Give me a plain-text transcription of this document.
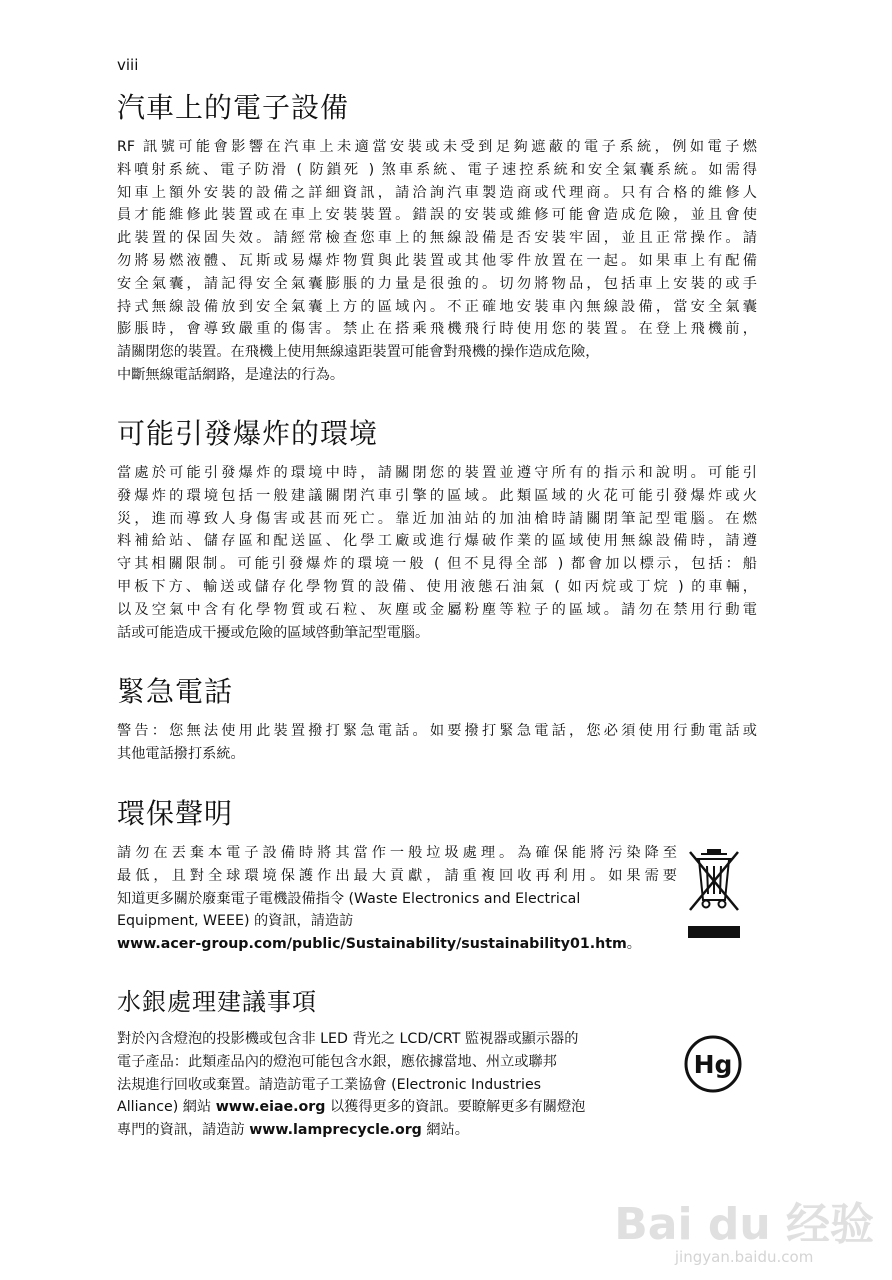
viii
汽車上的電子設備
RF 訊號可能會影響在汽車上未適當安裝或未受到足夠遮蔽的電子系統，例如電子燃
料噴射系統、電子防滑 ( 防鎖死 ) 煞車系統、電子速控系統和安全氣囊系統。如需得
知車上額外安裝的設備之詳細資訊，請洽詢汽車製造商或代理商。只有合格的維修人
員才能維修此裝置或在車上安裝裝置。錯誤的安裝或維修可能會造成危險，並且會使
此裝置的保固失效。請經常檢查您車上的無線設備是否安裝牢固，並且正常操作。請
勿將易燃液體、瓦斯或易爆炸物質與此裝置或其他零件放置在一起。如果車上有配備
安全氣囊，請記得安全氣囊膨脹的力量是很強的。切勿將物品，包括車上安裝的或手
持式無線設備放到安全氣囊上方的區域內。不正確地安裝車內無線設備，當安全氣囊
膨脹時，會導致嚴重的傷害。禁止在搭乘飛機飛行時使用您的裝置。在登上飛機前，
請關閉您的裝置。在飛機上使用無線遠距裝置可能會對飛機的操作造成危險，
中斷無線電話網路，是違法的行為。
可能引發爆炸的環境
當處於可能引發爆炸的環境中時，請關閉您的裝置並遵守所有的指示和說明。可能引
發爆炸的環境包括一般建議關閉汽車引擎的區域。此類區域的火花可能引發爆炸或火
災，進而導致人身傷害或甚而死亡。靠近加油站的加油槍時請關閉筆記型電腦。在燃
料補給站、儲存區和配送區、化學工廠或進行爆破作業的區域使用無線設備時，請遵
守其相關限制。可能引發爆炸的環境一般 ( 但不見得全部 ) 都會加以標示，包括：船
甲板下方、輸送或儲存化學物質的設備、使用液態石油氣 ( 如丙烷或丁烷 ) 的車輛，
以及空氣中含有化學物質或石粒、灰塵或金屬粉塵等粒子的區域。請勿在禁用行動電
話或可能造成干擾或危險的區域啓動筆記型電腦。
緊急電話
警告：您無法使用此裝置撥打緊急電話。如要撥打緊急電話，您必須使用行動電話或
其他電話撥打系統。
環保聲明
請勿在丟棄本電子設備時將其當作一般垃圾處理。為確保能將污染降至
最低，且對全球環境保護作出最大貢獻，請重複回收再利用。如果需要
知道更多關於廢棄電子電機設備指令 (Waste Electronics and Electrical
Equipment, WEEE) 的資訊，請造訪
www.acer-group.com/public/Sustainability/sustainability01.htm。
水銀處理建議事項
對於內含燈泡的投影機或包含非 LED 背光之 LCD/CRT 監視器或顯示器的
電子產品：此類產品內的燈泡可能包含水銀，應依據當地、州立或聯邦
法規進行回收或棄置。請造訪電子工業協會 (Electronic Industries
Alliance) 網站 www.eiae.org 以獲得更多的資訊。要瞭解更多有關燈泡
專門的資訊，請造訪 www.lamprecycle.org 網站。
Hg
Bai du 经验
jingyan.baidu.com
